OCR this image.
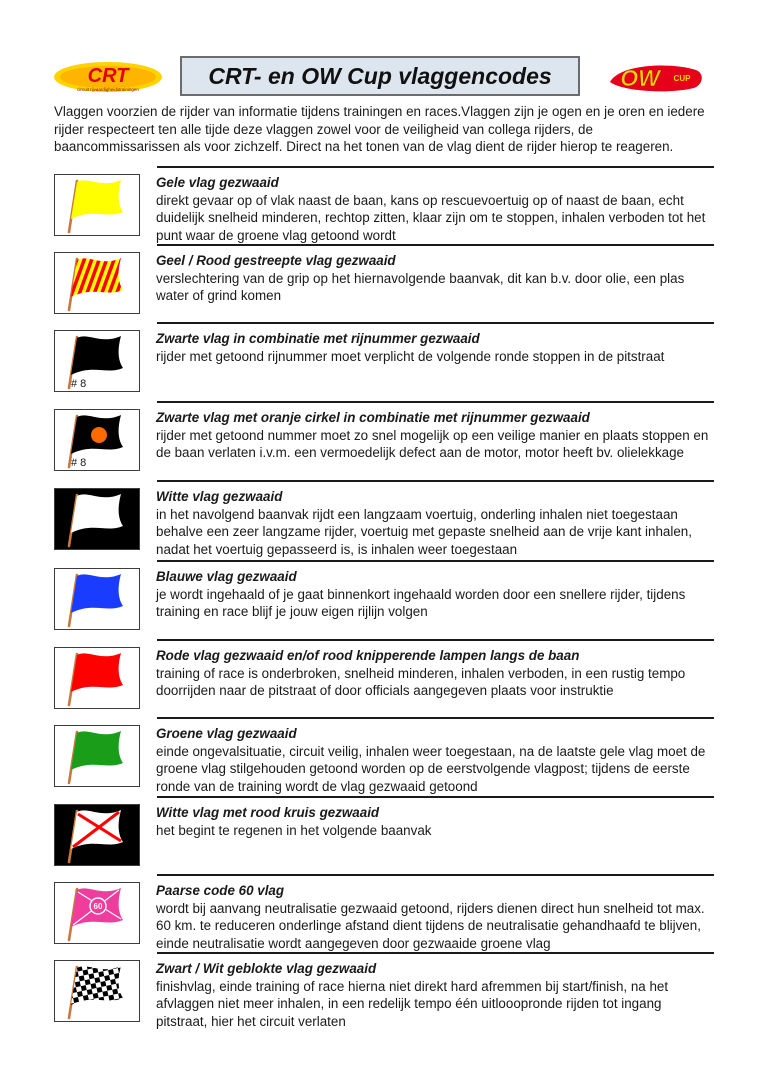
CRT
circuit rijvaardigheidstrainingen
CRT- en OW Cup vlaggencodes	OW CUP
Vlaggen voorzien de rijder van informatie tijdens trainingen en races.Vlaggen zijn je ogen en je oren en iedere rijder respecteert ten alle tijde deze vlaggen zowel voor de veiligheid van collega rijders, de baancommissarissen als voor zichzelf. Direct na het tonen van de vlag dient de rijder hierop te reageren.
Gele vlag gezwaaid
direkt gevaar op of vlak naast de baan, kans op rescuevoertuig op of naast de baan, echt duidelijk snelheid minderen, rechtop zitten, klaar zijn om te stoppen, inhalen verboden tot het punt waar de groene vlag getoond wordt
Geel / Rood gestreepte vlag gezwaaid
verslechtering van de grip op het hiernavolgende baanvak, dit kan b.v. door olie, een plas water of grind komen
# 8
Zwarte vlag in combinatie met rijnummer gezwaaid
rijder met getoond rijnummer moet verplicht de volgende ronde stoppen in de pitstraat
# 8
Zwarte vlag met oranje cirkel in combinatie met rijnummer gezwaaid
rijder met getoond nummer moet zo snel mogelijk op een veilige manier en plaats stoppen en de baan verlaten i.v.m. een vermoedelijk defect aan de motor, motor heeft bv. olielekkage
Witte vlag gezwaaid
in het navolgend baanvak rijdt een langzaam voertuig, onderling inhalen niet toegestaan behalve een zeer langzame rijder, voertuig met gepaste snelheid aan de vrije kant inhalen, nadat het voertuig gepasseerd is, is inhalen weer toegestaan
Blauwe vlag gezwaaid
je wordt ingehaald of je gaat binnenkort ingehaald worden door een snellere rijder, tijdens training en race blijf je jouw eigen rijlijn volgen
Rode vlag gezwaaid en/of rood knipperende lampen langs de baan
training of race is onderbroken, snelheid minderen, inhalen verboden, in een rustig tempo doorrijden naar de pitstraat of door officials aangegeven plaats voor instruktie
Groene vlag gezwaaid
einde ongevalsituatie, circuit veilig, inhalen weer toegestaan, na de laatste gele vlag moet de groene vlag stilgehouden getoond worden op de eerstvolgende vlagpost; tijdens de eerste ronde van de training wordt de vlag gezwaaid getoond
Witte vlag met rood kruis gezwaaid
het begint te regenen in het volgende baanvak
60
Paarse code 60 vlag
wordt bij aanvang neutralisatie gezwaaid getoond, rijders dienen direct hun snelheid tot max. 60 km. te reduceren onderlinge afstand dient tijdens de neutralisatie gehandhaafd te blijven, einde neutralisatie wordt aangegeven door gezwaaide groene vlag
Zwart / Wit geblokte vlag gezwaaid
finishvlag, einde training of race hierna niet direkt hard afremmen bij start/finish, na het afvlaggen niet meer inhalen, in een redelijk tempo één uitlooopronde rijden tot ingang pitstraat, hier het circuit verlaten
